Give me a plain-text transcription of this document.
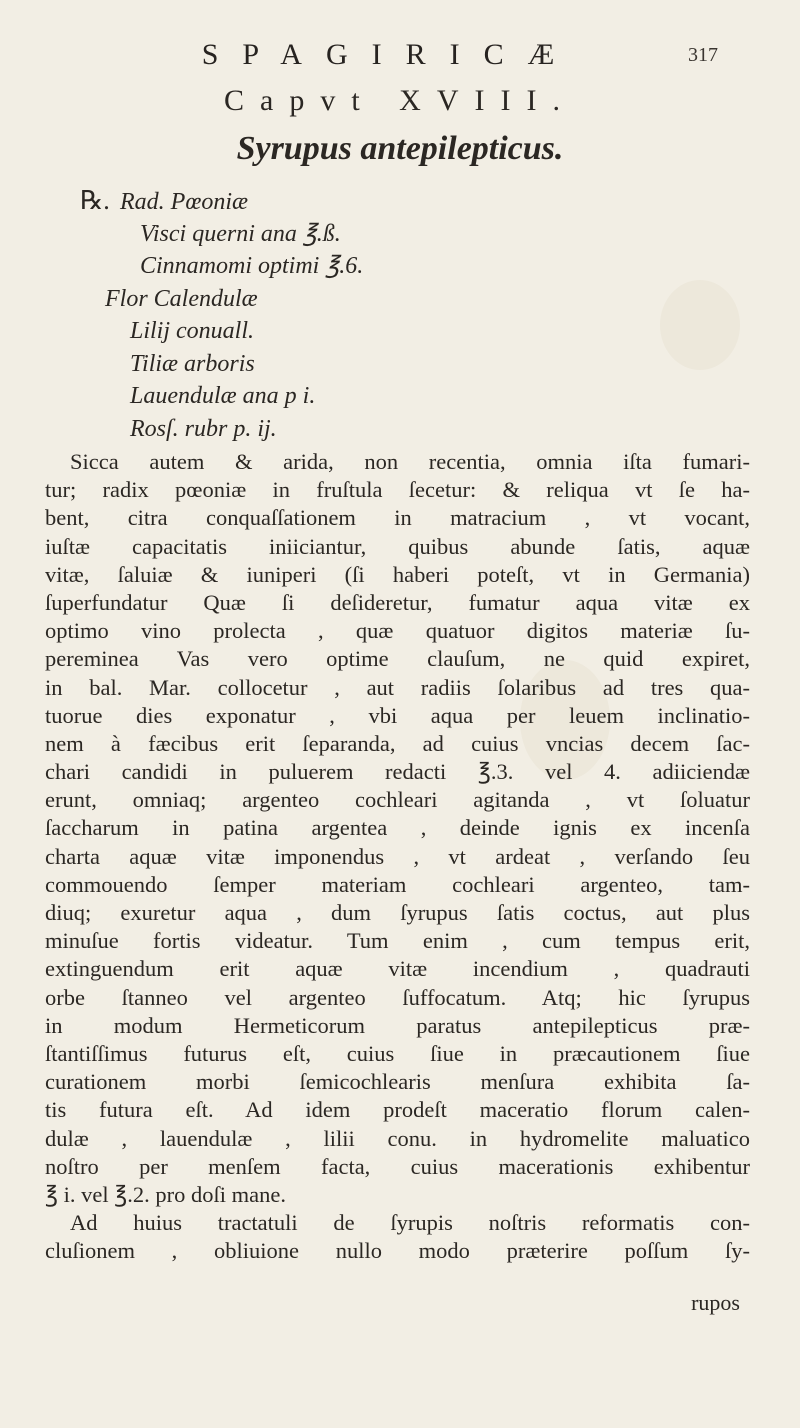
SPAGIRICÆ	317
Capvt XVIII.
Syrupus antepilepticus.
℞. Rad. Pœoniæ
Visci querni ana ℥.ß.
Cinnamomi optimi ℥.6.
Flor Calendulæ
Lilij conuall.
Tiliæ arboris
Lauendulæ ana p i.
Rosſ. rubr p. ij.
Sicca autem & arida, non recentia, omnia iſta fumari-
tur; radix pœoniæ in fruſtula ſecetur: & reliqua vt ſe ha-
bent, citra conquaſſationem in matracium , vt vocant,
iuſtæ capacitatis iniiciantur, quibus abunde ſatis, aquæ
vitæ, ſaluiæ & iuniperi (ſi haberi poteſt, vt in Germania)
ſuperfundatur Quæ ſi deſideretur, fumatur aqua vitæ ex
optimo vino prolecta , quæ quatuor digitos materiæ ſu-
pereminea Vas vero optime clauſum, ne quid expiret,
in bal. Mar. collocetur , aut radiis ſolaribus ad tres qua-
tuorue dies exponatur , vbi aqua per leuem inclinatio-
nem à fæcibus erit ſeparanda, ad cuius vncias decem ſac-
chari candidi in puluerem redacti ℥.3. vel 4. adiiciendæ
erunt, omniaq; argenteo cochleari agitanda , vt ſoluatur
ſaccharum in patina argentea , deinde ignis ex incenſa
charta aquæ vitæ imponendus , vt ardeat , verſando ſeu
commouendo ſemper materiam cochleari argenteo, tam-
diuq; exuretur aqua , dum ſyrupus ſatis coctus, aut plus
minuſue fortis videatur. Tum enim , cum tempus erit,
extinguendum erit aquæ vitæ incendium , quadrauti
orbe ſtanneo vel argenteo ſuffocatum. Atq; hic ſyrupus
in modum Hermeticorum paratus antepilepticus præ-
ſtantiſſimus futurus eſt, cuius ſiue in præcautionem ſiue
curationem morbi ſemicochlearis menſura exhibita ſa-
tis futura eſt. Ad idem prodeſt maceratio florum calen-
dulæ , lauendulæ , lilii conu. in hydromelite maluatico
noſtro per menſem facta, cuius macerationis exhibentur
℥ i. vel ℥.2. pro doſi mane.
Ad huius tractatuli de ſyrupis noſtris reformatis con-
cluſionem , obliuione nullo modo præterire poſſum ſy-
rupos
